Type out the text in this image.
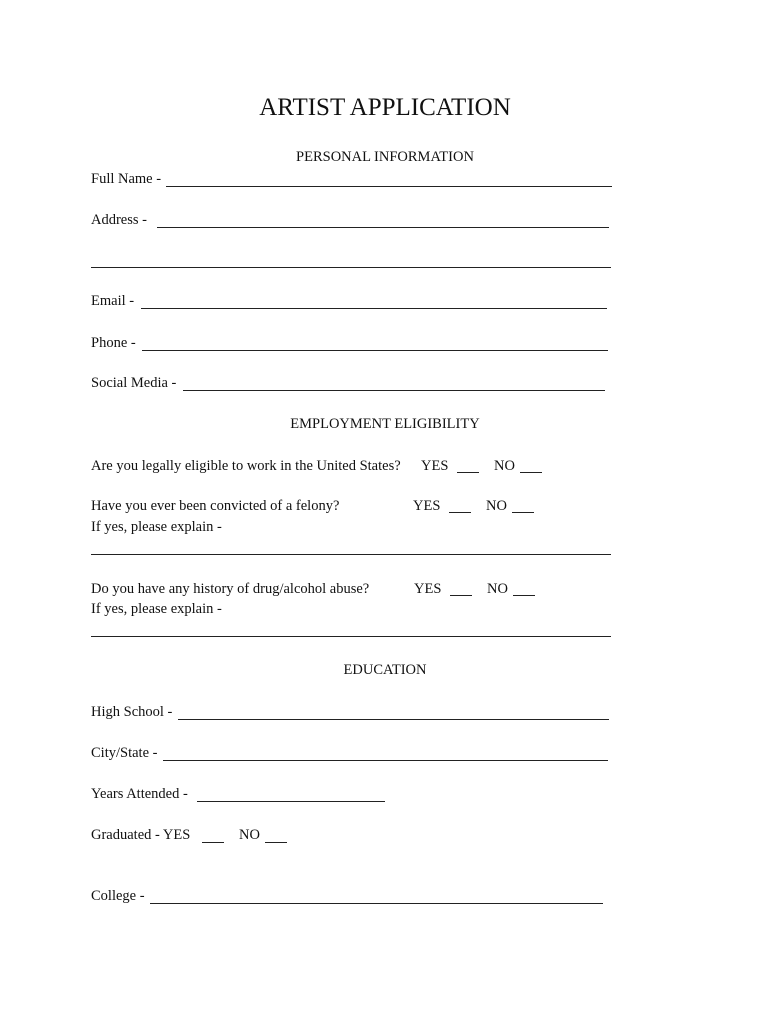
ARTIST APPLICATION
PERSONAL INFORMATION
Full Name -
Address -
Email -
Phone -
Social Media -
EMPLOYMENT ELIGIBILITY
Are you legally eligible to work in the United States? YES	NO
Have you ever been convicted of a felony?	YES	NO
If yes, please explain -
Do you have any history of drug/alcohol abuse?	YES	NO
If yes, please explain -
EDUCATION
High School -
City/State -
Years Attended -
Graduated - YES	NO
College -
